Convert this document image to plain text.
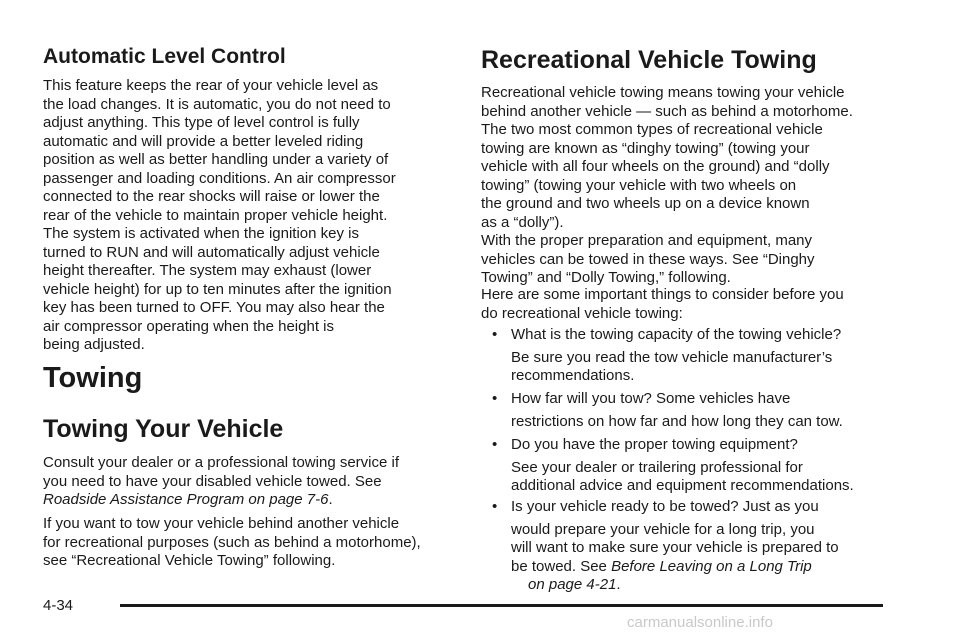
Automatic Level Control

This feature keeps the rear of your vehicle level as
the load changes. It is automatic, you do not need to
adjust anything. This type of level control is fully
automatic and will provide a better leveled riding
position as well as better handling under a variety of
passenger and loading conditions. An air compressor
connected to the rear shocks will raise or lower the
rear of the vehicle to maintain proper vehicle height.
The system is activated when the ignition key is
turned to RUN and will automatically adjust vehicle
height thereafter. The system may exhaust (lower
vehicle height) for up to ten minutes after the ignition
key has been turned to OFF. You may also hear the
air compressor operating when the height is
being adjusted.

Towing
Towing Your Vehicle

Consult your dealer or a professional towing service if
you need to have your disabled vehicle towed. See
Roadside Assistance Program on page 7-6.

If you want to tow your vehicle behind another vehicle
for recreational purposes (such as behind a motorhome),
see “Recreational Vehicle Towing” following.

Recreational Vehicle Towing

Recreational vehicle towing means towing your vehicle
behind another vehicle — such as behind a motorhome.
The two most common types of recreational vehicle
towing are known as “dinghy towing” (towing your
vehicle with all four wheels on the ground) and “dolly
towing” (towing your vehicle with two wheels on
the ground and two wheels up on a device known
as a “dolly”).

With the proper preparation and equipment, many
vehicles can be towed in these ways. See “Dinghy
Towing” and “Dolly Towing,” following.

Here are some important things to consider before you
do recreational vehicle towing:

• What is the towing capacity of the towing vehicle?
Be sure you read the tow vehicle manufacturer’s
recommendations.

• How far will you tow? Some vehicles have
restrictions on how far and how long they can tow.

• Do you have the proper towing equipment?
See your dealer or trailering professional for
additional advice and equipment recommendations.

• Is your vehicle ready to be towed? Just as you
would prepare your vehicle for a long trip, you
will want to make sure your vehicle is prepared to
be towed. See Before Leaving on a Long Trip
on page 4-21.

4-34
carmanualsonline.info
